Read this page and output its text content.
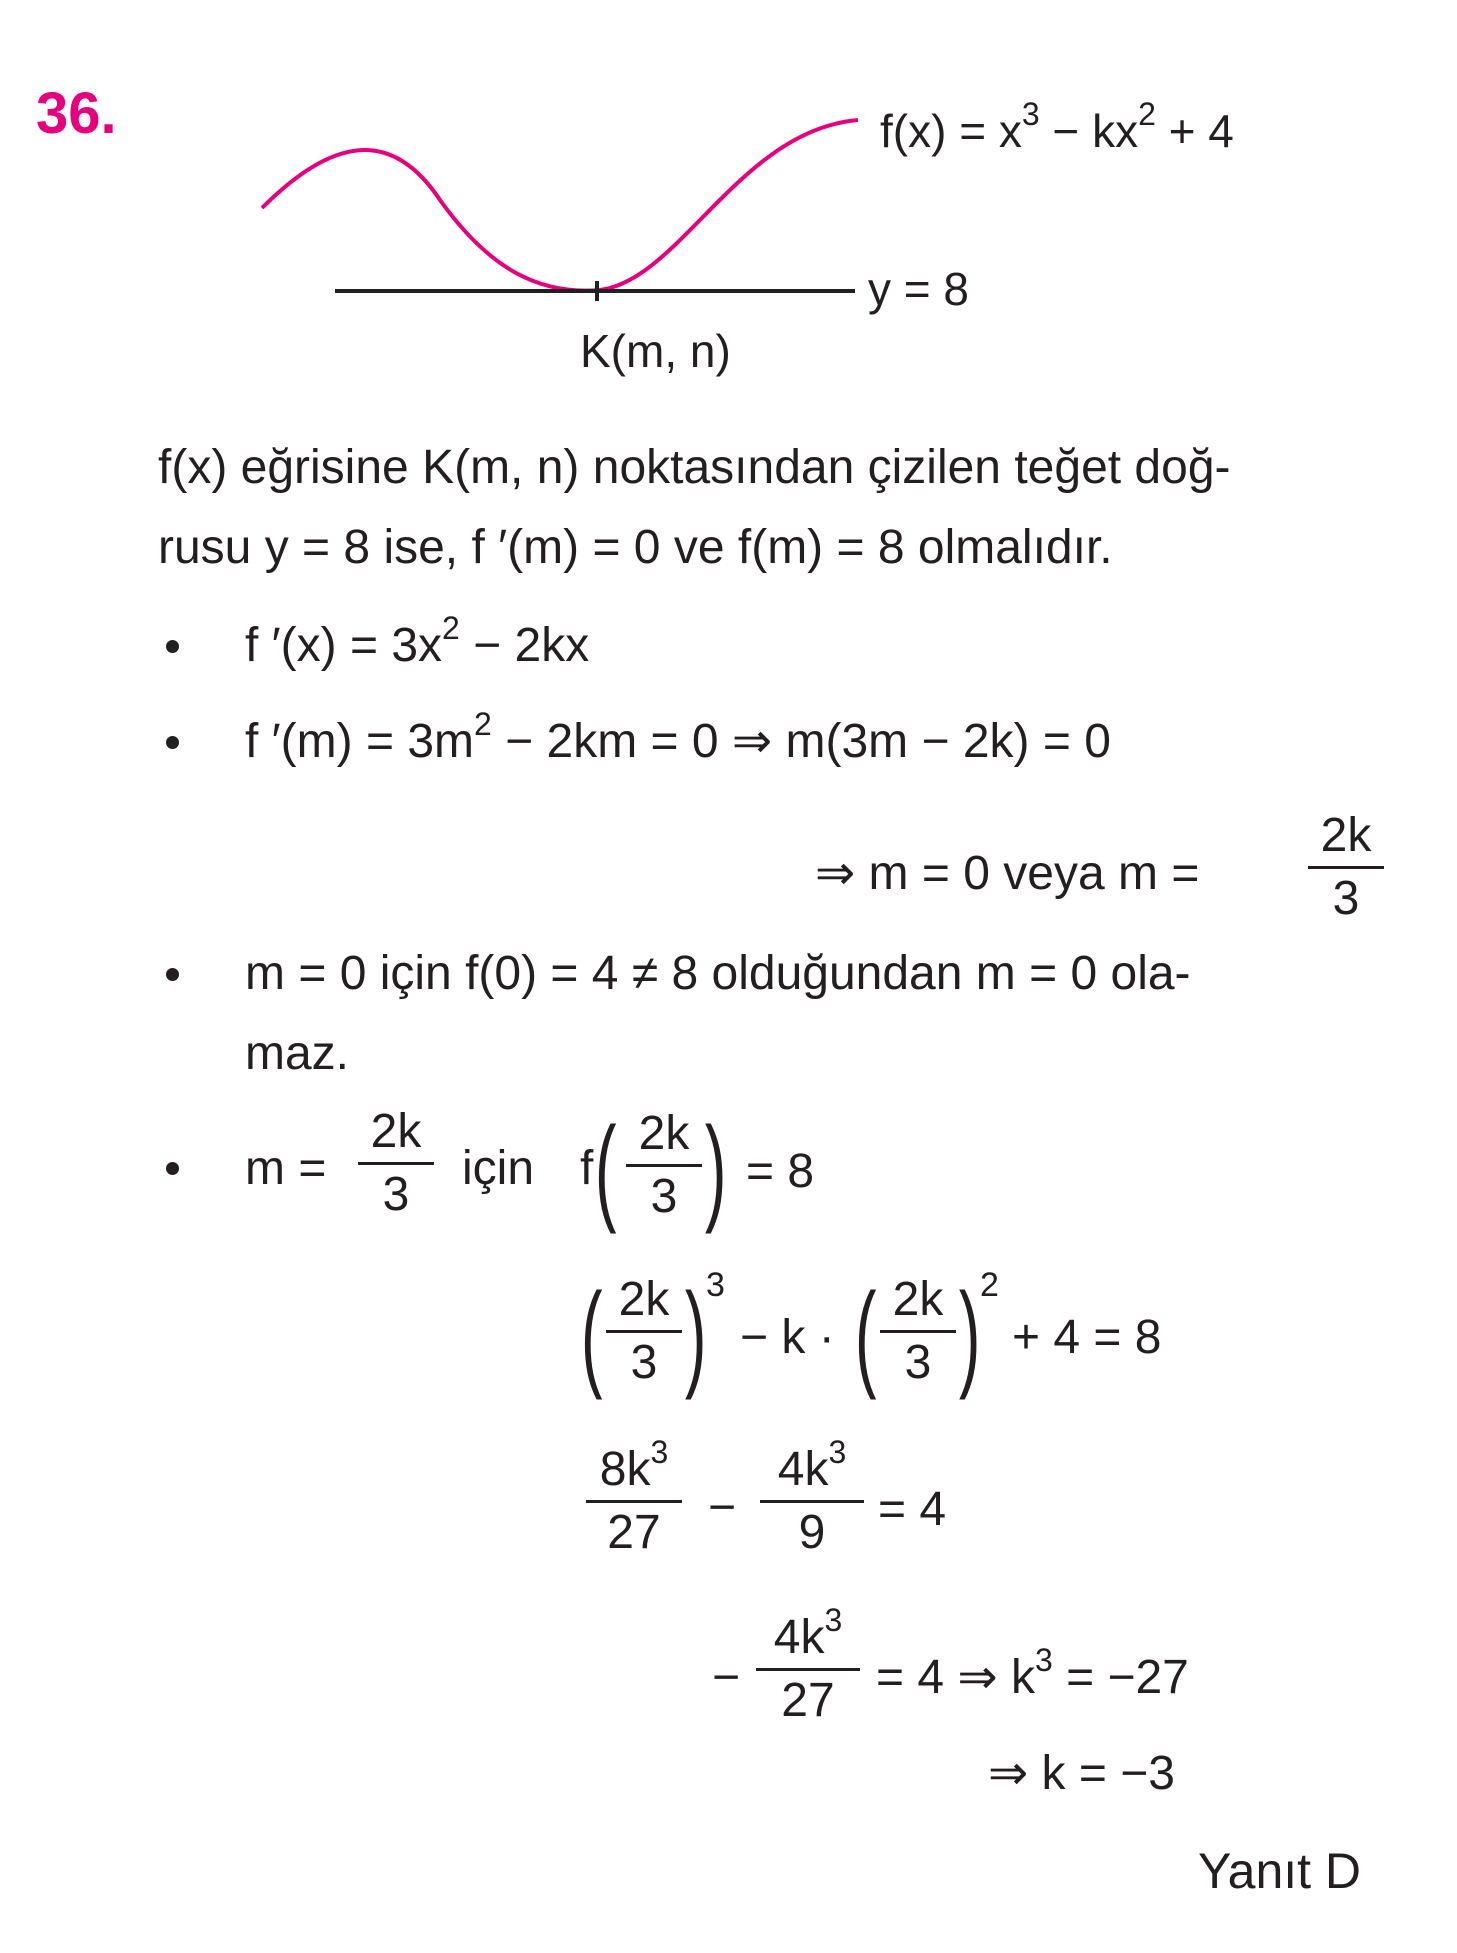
36.	$f(x) = x^3 - kx^2 + 4$
y = 8
K(m, n)
f(x) eğrisine K(m, n) noktasından çizilen teğet doğ-
rusu y = 8 ise, f ′(m) = 0 ve f(m) = 8 olmalıdır.
f $'(x) = 3x^2 - 2kx$
f $'(m) = 3m^2 - 2km = 0$ ⇒ m(3m − 2k) = 0
⇒ m = 0 veya m =
2k
3
m = 0 için f(0) = 4 ≠ 8 olduğundan m = 0 ola-
maz.
m =
2k
3 için f ( 2k
3 ) = 8
( 2k
3 ) 3
− k · ( 2k
3 ) 2
+ 4 = 8
$8k^3$
27 −
$4k^3$
9 = 4
−
$4k^3$
27 = 4 ⇒ $k^3 = -27$
⇒ k = −3
Yanıt D
